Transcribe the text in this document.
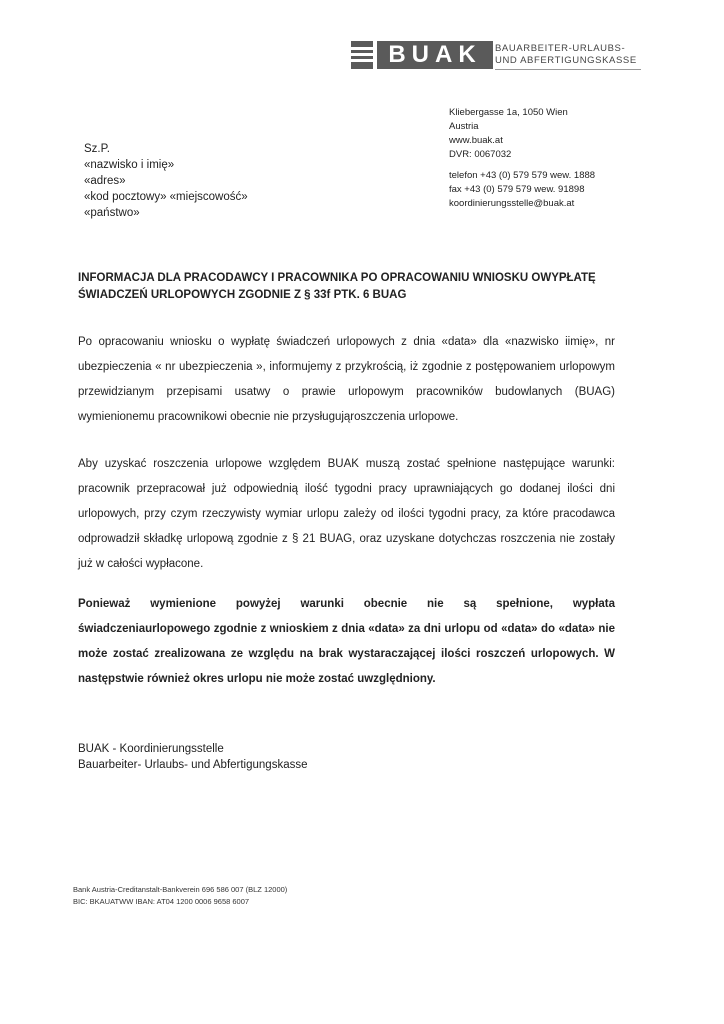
BUAK	BAUARBEITER-URLAUBS-
UND ABFERTIGUNGSKASSE
Kliebergasse 1a, 1050 Wien
Austria
www.buak.at
DVR: 0067032
telefon +43 (0) 579 579 wew. 1888
fax +43 (0) 579 579 wew. 91898
koordinierungsstelle@buak.at
Sz.P.
«nazwisko i imię»
«adres»
«kod pocztowy» «miejscowość»
«państwo»
INFORMACJA DLA PRACODAWCY I PRACOWNIKA PO OPRACOWANIU WNIOSKU OWYPŁATĘ ŚWIADCZEŃ URLOPOWYCH ZGODNIE Z § 33f PTK. 6 BUAG
Po opracowaniu wniosku o wypłatę świadczeń urlopowych z dnia «data» dla «nazwisko iimię», nr ubezpieczenia « nr ubezpieczenia », informujemy z przykrością, iż zgodnie z postępowaniem urlopowym przewidzianym przepisami usatwy o prawie urlopowym pracowników budowlanych (BUAG) wymienionemu pracownikowi obecnie nie przysługująroszczenia urlopowe.
Aby uzyskać roszczenia urlopowe względem BUAK muszą zostać spełnione następujące warunki: pracownik przepracował już odpowiednią ilość tygodni pracy uprawniających go dodanej ilości dni urlopowych, przy czym rzeczywisty wymiar urlopu zależy od ilości tygodni pracy, za które pracodawca odprowadził składkę urlopową zgodnie z § 21 BUAG, oraz uzyskane dotychczas roszczenia nie zostały już w całości wypłacone.
Ponieważ wymienione powyżej warunki obecnie nie są spełnione, wypłata świadczeniaurlopowego zgodnie z wnioskiem z dnia «data» za dni urlopu od «data» do «data» nie może zostać zrealizowana ze względu na brak wystaraczającej ilości roszczeń urlopowych. W następstwie również okres urlopu nie może zostać uwzględniony.
BUAK - Koordinierungsstelle
Bauarbeiter- Urlaubs- und Abfertigungskasse
Bank Austria-Creditanstalt-Bankverein 696 586 007 (BLZ 12000)
BIC: BKAUATWW IBAN: AT04 1200 0006 9658 6007
